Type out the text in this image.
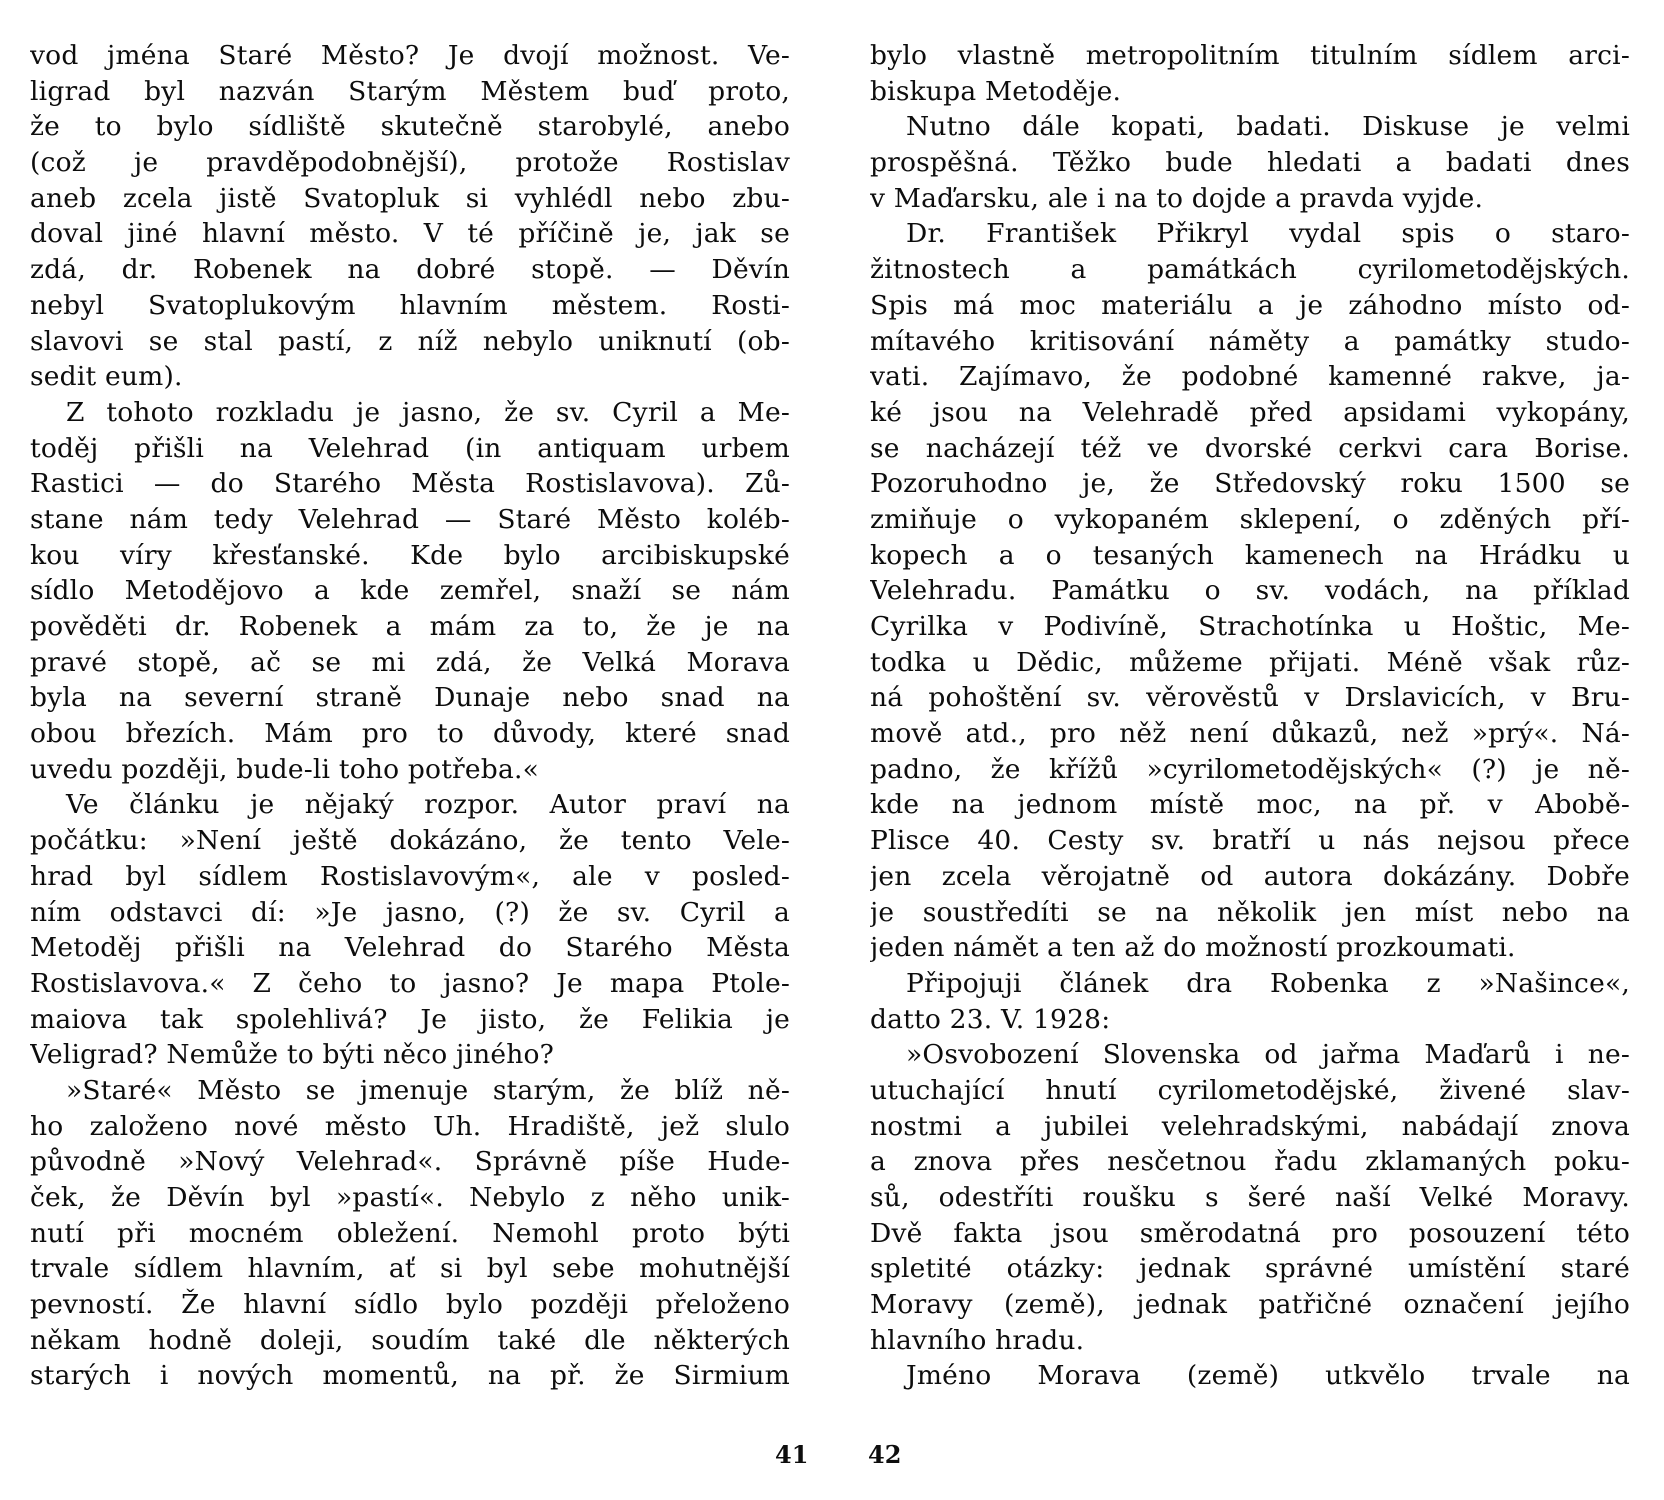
vod jména Staré Město? Je dvojí možnost. Ve-
ligrad byl nazván Starým Městem buď proto,
že to bylo sídliště skutečně starobylé, anebo
(což je pravděpodobnější), protože Rostislav
aneb zcela jistě Svatopluk si vyhlédl nebo zbu-
doval jiné hlavní město. V té příčině je, jak se
zdá, dr. Robenek na dobré stopě. — Děvín
nebyl Svatoplukovým hlavním městem. Rosti-
slavovi se stal pastí, z níž nebylo uniknutí (ob-
sedit eum).
Z tohoto rozkladu je jasno, že sv. Cyril a Me-
toděj přišli na Velehrad (in antiquam urbem
Rastici — do Starého Města Rostislavova). Zů-
stane nám tedy Velehrad — Staré Město koléb-
kou víry křesťanské. Kde bylo arcibiskupské
sídlo Metodějovo a kde zemřel, snaží se nám
pověděti dr. Robenek a mám za to, že je na
pravé stopě, ač se mi zdá, že Velká Morava
byla na severní straně Dunaje nebo snad na
obou březích. Mám pro to důvody, které snad
uvedu později, bude-li toho potřeba.«
Ve článku je nějaký rozpor. Autor praví na
počátku: »Není ještě dokázáno, že tento Vele-
hrad byl sídlem Rostislavovým«, ale v posled-
ním odstavci dí: »Je jasno, (?) že sv. Cyril a
Metoděj přišli na Velehrad do Starého Města
Rostislavova.« Z čeho to jasno? Je mapa Ptole-
maiova tak spolehlivá? Je jisto, že Felikia je
Veligrad? Nemůže to býti něco jiného?
»Staré« Město se jmenuje starým, že blíž ně-
ho založeno nové město Uh. Hradiště, jež slulo
původně »Nový Velehrad«. Správně píše Hude-
ček, že Děvín byl »pastí«. Nebylo z něho unik-
nutí při mocném obležení. Nemohl proto býti
trvale sídlem hlavním, ať si byl sebe mohutnější
pevností. Že hlavní sídlo bylo později přeloženo
někam hodně doleji, soudím také dle některých
starých i nových momentů, na př. že Sirmium
41
bylo vlastně metropolitním titulním sídlem arci-
biskupa Metoděje.
Nutno dále kopati, badati. Diskuse je velmi
prospěšná. Těžko bude hledati a badati dnes
v Maďarsku, ale i na to dojde a pravda vyjde.
Dr. František Přikryl vydal spis o staro-
žitnostech a památkách cyrilometodějských.
Spis má moc materiálu a je záhodno místo od-
mítavého kritisování náměty a památky studo-
vati. Zajímavo, že podobné kamenné rakve, ja-
ké jsou na Velehradě před apsidami vykopány,
se nacházejí též ve dvorské cerkvi cara Borise.
Pozoruhodno je, že Středovský roku 1500 se
zmiňuje o vykopaném sklepení, o zděných pří-
kopech a o tesaných kamenech na Hrádku u
Velehradu. Památku o sv. vodách, na příklad
Cyrilka v Podivíně, Strachotínka u Hoštic, Me-
todka u Dědic, můžeme přijati. Méně však růz-
ná pohoštění sv. věrověstů v Drslavicích, v Bru-
mově atd., pro něž není důkazů, než »prý«. Ná-
padno, že křížů »cyrilometodějských« (?) je ně-
kde na jednom místě moc, na př. v Abobě-
Plisce 40. Cesty sv. bratří u nás nejsou přece
jen zcela věrojatně od autora dokázány. Dobře
je soustředíti se na několik jen míst nebo na
jeden námět a ten až do možností prozkoumati.
Připojuji článek dra Robenka z »Našince«,
datto 23. V. 1928:
»Osvobození Slovenska od jařma Maďarů i ne-
utuchající hnutí cyrilometodějské, živené slav-
nostmi a jubilei velehradskými, nabádají znova
a znova přes nesčetnou řadu zklamaných poku-
sů, odestříti roušku s šeré naší Velké Moravy.
Dvě fakta jsou směrodatná pro posouzení této
spletité otázky: jednak správné umístění staré
Moravy (země), jednak patřičné označení jejího
hlavního hradu.
Jméno Morava (země) utkvělo trvale na
42
